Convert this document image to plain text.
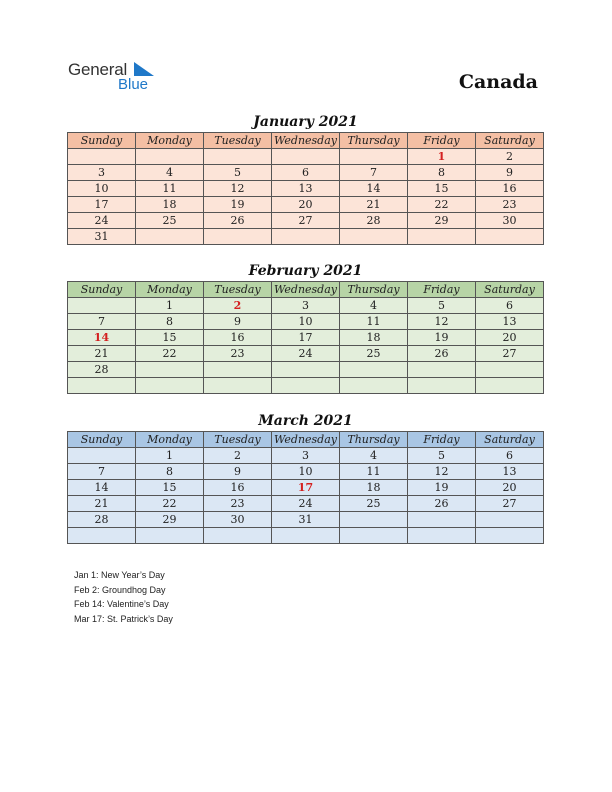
General
Blue	Canada
January 2021
Sunday	Monday	Tuesday	Wednesday	Thursday	Friday	Saturday
					1	2
3	4	5	6	7	8	9
10	11	12	13	14	15	16
17	18	19	20	21	22	23
24	25	26	27	28	29	30
31						
February 2021
Sunday	Monday	Tuesday	Wednesday	Thursday	Friday	Saturday
	1	2	3	4	5	6
7	8	9	10	11	12	13
14	15	16	17	18	19	20
21	22	23	24	25	26	27
28						

March 2021
Sunday	Monday	Tuesday	Wednesday	Thursday	Friday	Saturday
	1	2	3	4	5	6
7	8	9	10	11	12	13
14	15	16	17	18	19	20
21	22	23	24	25	26	27
28	29	30	31			

Jan 1: New Year’s Day
Feb 2: Groundhog Day
Feb 14: Valentine’s Day
Mar 17: St. Patrick’s Day
